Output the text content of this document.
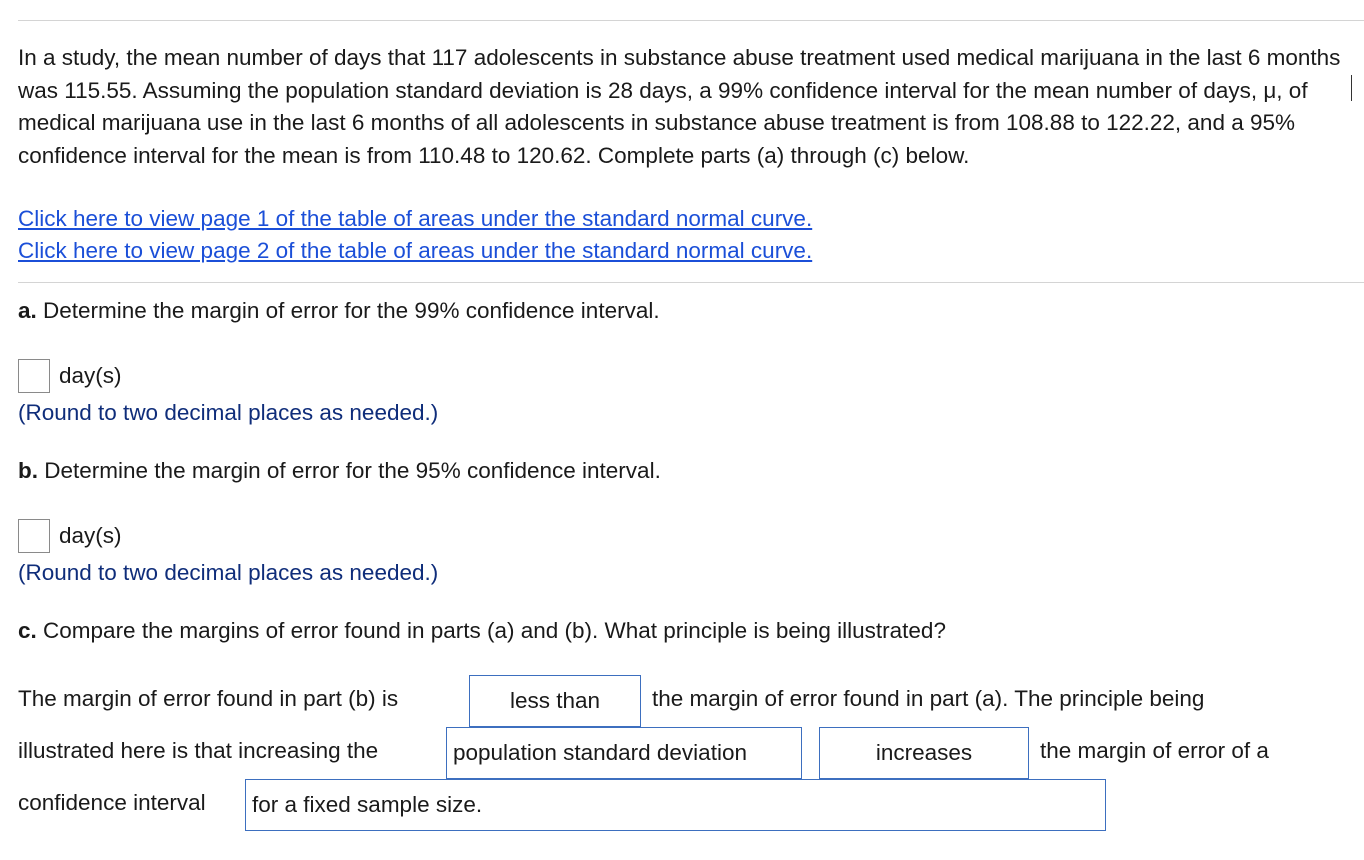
In a study, the mean number of days that 117 adolescents in substance abuse treatment used medical marijuana in the last 6 months was 115.55. Assuming the population standard deviation is 28 days, a 99% confidence interval for the mean number of days, μ, of medical marijuana use in the last 6 months of all adolescents in substance abuse treatment is from 108.88 to 122.22, and a 95% confidence interval for the mean is from 110.48 to 120.62. Complete parts (a) through (c) below.

Click here to view page 1 of the table of areas under the standard normal curve.
Click here to view page 2 of the table of areas under the standard normal curve.
a. Determine the margin of error for the 99% confidence interval.
day(s)
(Round to two decimal places as needed.)
b. Determine the margin of error for the 95% confidence interval.
day(s)
(Round to two decimal places as needed.)
c. Compare the margins of error found in parts (a) and (b). What principle is being illustrated?
The margin of error found in part (b) is	less than	the margin of error found in part (a). The principle being
illustrated here is that increasing the	population standard deviation	increases	the margin of error of a
confidence interval	for a fixed sample size.
